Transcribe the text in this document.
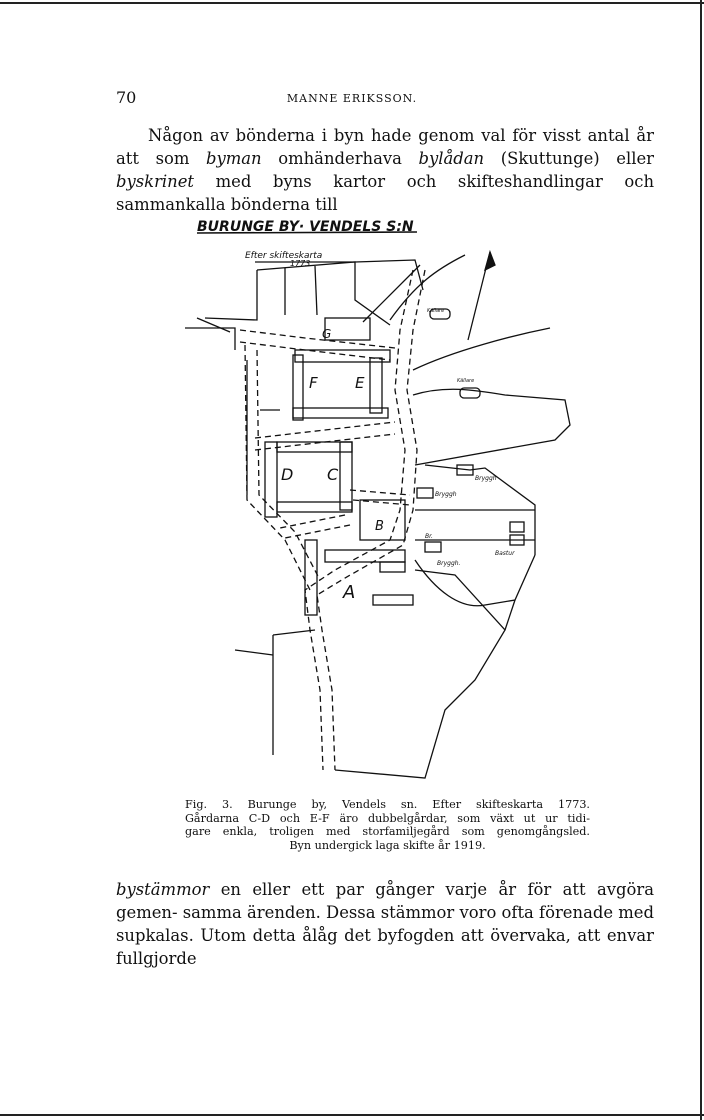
70	MANNE ERIKSSON.

Någon av bönderna i byn hade genom val för visst antal år att som byman omhänderhava bylådan (Skuttunge) eller byskrinet med byns kartor och skifteshandlingar och sammankalla bönderna till

BURUNGE BY· VENDELS S:N
Efter skifteskarta
1773
G
F E
D C
B
A
Källare
Källare
Bryggh
Bryggh
Bryggh.
Br.
Bastur

Fig. 3. Burunge by, Vendels sn. Efter skifteskarta 1773.
Gårdarna C-D och E-F äro dubbelgårdar, som växt ut ur tidi-
gare enkla, troligen med storfamiljegård som genomgångsled.
Byn undergick laga skifte år 1919.

bystämmor en eller ett par gånger varje år för att avgöra gemen- samma ärenden. Dessa stämmor voro ofta förenade med supkalas. Utom detta ålåg det byfogden att övervaka, att envar fullgjorde
